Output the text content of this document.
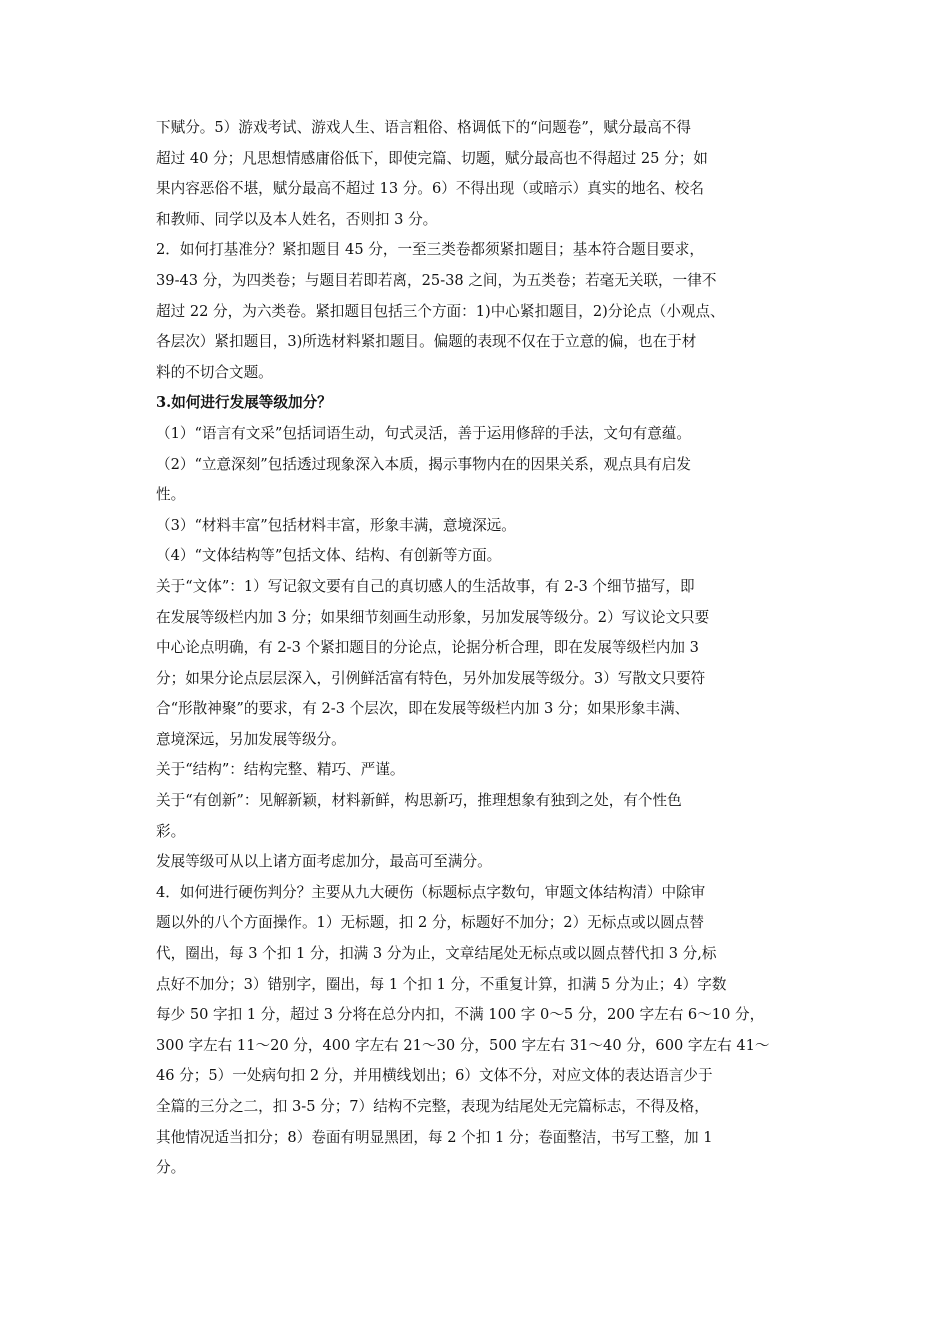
下赋分。5）游戏考试、游戏人生、语言粗俗、格调低下的“问题卷”，赋分最高不得
超过 40 分；凡思想情感庸俗低下，即使完篇、切题，赋分最高也不得超过 25 分；如
果内容恶俗不堪，赋分最高不超过 13 分。6）不得出现（或暗示）真实的地名、校名
和教师、同学以及本人姓名，否则扣 3 分。
2．如何打基准分？紧扣题目 45 分，一至三类卷都须紧扣题目；基本符合题目要求，
39-43 分，为四类卷；与题目若即若离，25-38 之间，为五类卷；若毫无关联，一律不
超过 22 分，为六类卷。紧扣题目包括三个方面：1)中心紧扣题目，2)分论点（小观点、
各层次）紧扣题目，3)所选材料紧扣题目。偏题的表现不仅在于立意的偏，也在于材
料的不切合文题。
3.如何进行发展等级加分？
（1）“语言有文采”包括词语生动，句式灵活，善于运用修辞的手法，文句有意蕴。
（2）“立意深刻”包括透过现象深入本质，揭示事物内在的因果关系，观点具有启发
性。
（3）“材料丰富”包括材料丰富，形象丰满，意境深远。
（4）“文体结构等”包括文体、结构、有创新等方面。
关于“文体”：1）写记叙文要有自己的真切感人的生活故事，有 2-3 个细节描写，即
在发展等级栏内加 3 分；如果细节刻画生动形象，另加发展等级分。2）写议论文只要
中心论点明确，有 2-3 个紧扣题目的分论点，论据分析合理，即在发展等级栏内加 3
分；如果分论点层层深入，引例鲜活富有特色，另外加发展等级分。3）写散文只要符
合“形散神聚”的要求，有 2-3 个层次，即在发展等级栏内加 3 分；如果形象丰满、
意境深远，另加发展等级分。
关于“结构”：结构完整、精巧、严谨。
关于“有创新”：见解新颖，材料新鲜，构思新巧，推理想象有独到之处，有个性色
彩。
发展等级可从以上诸方面考虑加分，最高可至满分。
4．如何进行硬伤判分？主要从九大硬伤（标题标点字数句，审题文体结构清）中除审
题以外的八个方面操作。1）无标题，扣 2 分，标题好不加分；2）无标点或以圆点替
代，圈出，每 3 个扣 1 分，扣满 3 分为止，文章结尾处无标点或以圆点替代扣 3 分,标
点好不加分；3）错别字，圈出，每 1 个扣 1 分，不重复计算，扣满 5 分为止；4）字数
每少 50 字扣 1 分，超过 3 分将在总分内扣，不满 100 字 0～5 分，200 字左右 6～10 分，
300 字左右 11～20 分，400 字左右 21～30 分，500 字左右 31～40 分，600 字左右 41～
46 分；5）一处病句扣 2 分，并用横线划出；6）文体不分，对应文体的表达语言少于
全篇的三分之二，扣 3-5 分；7）结构不完整，表现为结尾处无完篇标志，不得及格，
其他情况适当扣分；8）卷面有明显黑团，每 2 个扣 1 分；卷面整洁，书写工整，加 1
分。
